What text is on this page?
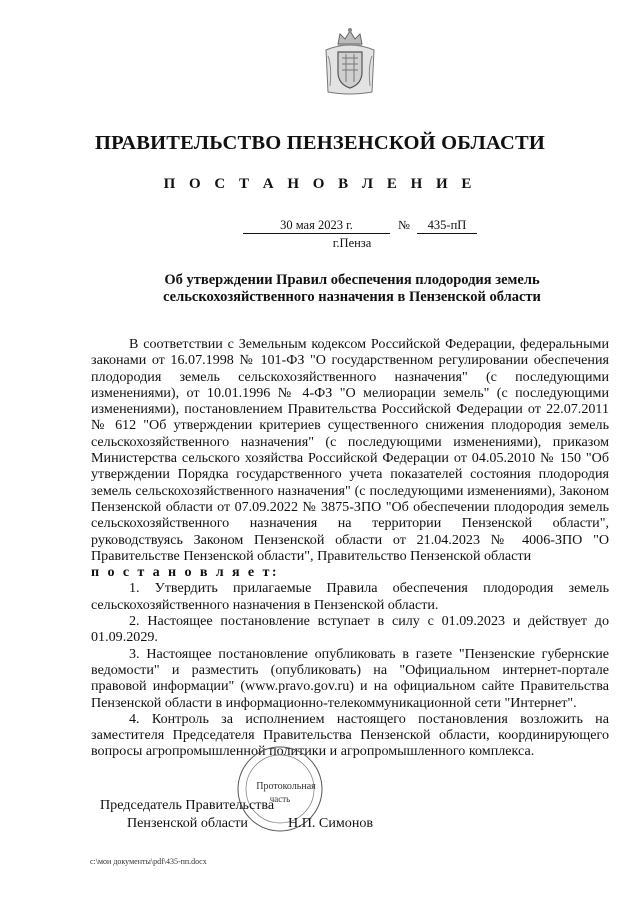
ПРАВИТЕЛЬСТВО ПЕНЗЕНСКОЙ ОБЛАСТИ
П О С Т А Н О В Л Е Н И Е
30 мая 2023 г.	№	435-пП
г.Пенза
Об утверждении Правил обеспечения плодородия земель
сельскохозяйственного назначения в Пензенской области

В соответствии с Земельным кодексом Российской Федерации, федеральными законами от 16.07.1998 № 101-ФЗ "О государственном регулировании обеспечения плодородия земель сельскохозяйственного назначения" (с последующими изменениями), от 10.01.1996 № 4-ФЗ "О мелиорации земель" (с последующими изменениями), постановлением Правительства Российской Федерации от 22.07.2011 № 612 "Об утверждении критериев существенного снижения плодородия земель сельскохозяйственного назначения" (с последующими изменениями), приказом Министерства сельского хозяйства Российской Федерации от 04.05.2010 № 150 "Об утверждении Порядка государственного учета показателей состояния плодородия земель сельскохозяйственного назначения" (с последующими изменениями), Законом Пензенской области от 07.09.2022 № 3875-ЗПО "Об обеспечении плодородия земель сельскохозяйственного назначения на территории Пензенской области", руководствуясь Законом Пензенской области от 21.04.2023 № 4006-ЗПО "О Правительстве Пензенской области", Правительство Пензенской области

п о с т а н о в л я е т:

1. Утвердить прилагаемые Правила обеспечения плодородия земель сельскохозяйственного назначения в Пензенской области.

2. Настоящее постановление вступает в силу с 01.09.2023 и действует до 01.09.2029.

3. Настоящее постановление опубликовать в газете "Пензенские губернские ведомости" и разместить (опубликовать) на "Официальном интернет-портале правовой информации" (www.pravo.gov.ru) и на официальном сайте Правительства Пензенской области в информационно-телекоммуникационной сети "Интернет".

4. Контроль за исполнением настоящего постановления возложить на заместителя Председателя Правительства Пензенской области, координирующего вопросы агропромышленной политики и агропромышленного комплекса.

Протокольная
часть
Председатель Правительства
Пензенской области	Н.П. Симонов
c:\мои документы\pdf\435-пп.docx
